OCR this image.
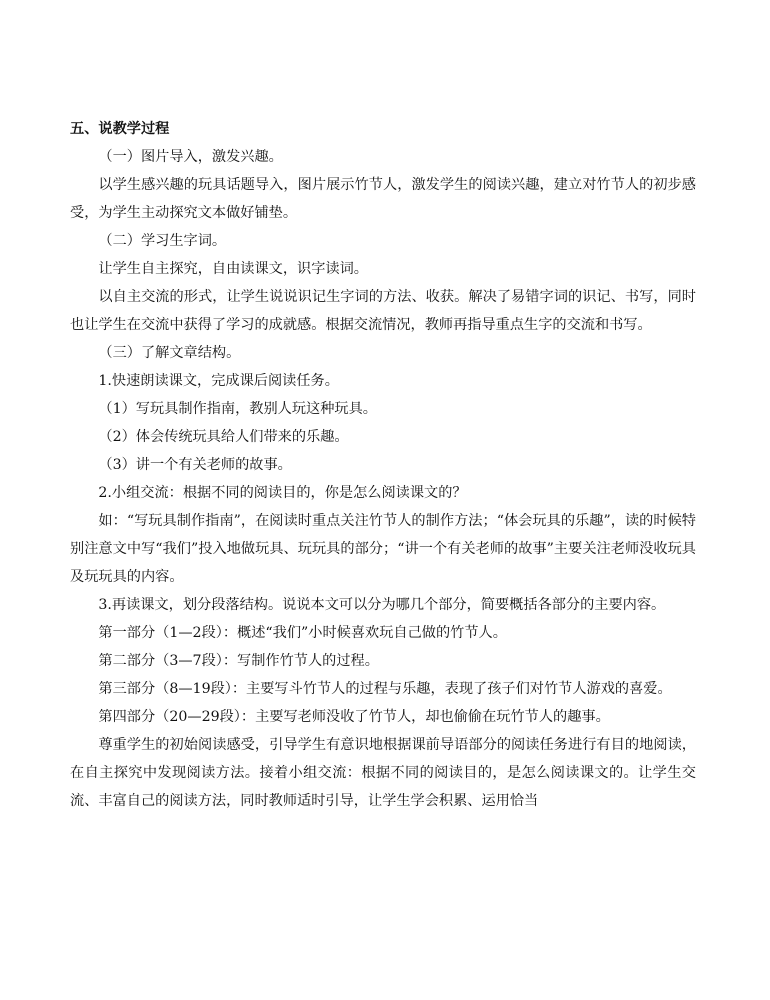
五、说教学过程

（一）图片导入，激发兴趣。

以学生感兴趣的玩具话题导入，图片展示竹节人，激发学生的阅读兴趣，建立对竹节人的初步感受，为学生主动探究文本做好铺垫。

（二）学习生字词。

让学生自主探究，自由读课文，识字读词。

以自主交流的形式，让学生说说识记生字词的方法、收获。解决了易错字词的识记、书写，同时也让学生在交流中获得了学习的成就感。根据交流情况，教师再指导重点生字的交流和书写。

（三）了解文章结构。

1.快速朗读课文，完成课后阅读任务。

（1）写玩具制作指南，教别人玩这种玩具。

（2）体会传统玩具给人们带来的乐趣。

（3）讲一个有关老师的故事。

2.小组交流：根据不同的阅读目的，你是怎么阅读课文的？

如：“写玩具制作指南”，在阅读时重点关注竹节人的制作方法；“体会玩具的乐趣”，读的时候特别注意文中写“我们”投入地做玩具、玩玩具的部分；“讲一个有关老师的故事”主要关注老师没收玩具及玩玩具的内容。

3.再读课文，划分段落结构。说说本文可以分为哪几个部分，简要概括各部分的主要内容。

第一部分（1—2段）：概述“我们”小时候喜欢玩自己做的竹节人。

第二部分（3—7段）：写制作竹节人的过程。

第三部分（8—19段）：主要写斗竹节人的过程与乐趣，表现了孩子们对竹节人游戏的喜爱。

第四部分（20—29段）：主要写老师没收了竹节人，却也偷偷在玩竹节人的趣事。

尊重学生的初始阅读感受，引导学生有意识地根据课前导语部分的阅读任务进行有目的地阅读，在自主探究中发现阅读方法。接着小组交流：根据不同的阅读目的，是怎么阅读课文的。让学生交流、丰富自己的阅读方法，同时教师适时引导，让学生学会积累、运用恰当
